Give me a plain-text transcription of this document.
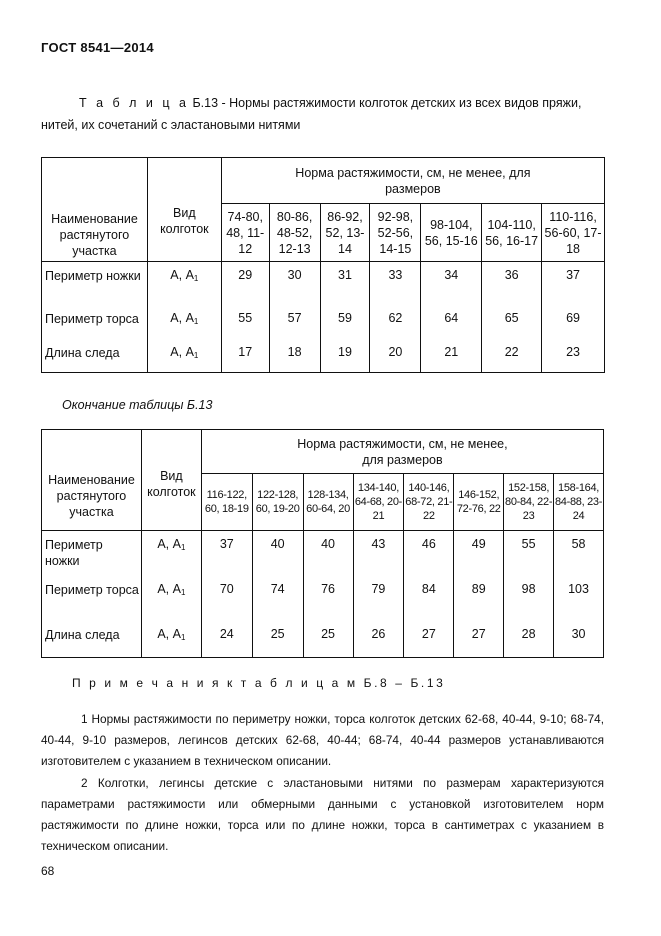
ГОСТ 8541—2014
Т а б л и ц а Б.13 - Нормы растяжимости колготок детских из всех видов пряжи, нитей, их сочетаний с эластановыми нитями
Наименование растянутого участка	Вид колготок	Норма растяжимости, см, не менее, для размеров						
		74-80, 48, 11-12	80-86, 48-52, 12-13	86-92, 52, 13-14	92-98, 52-56, 14-15	98-104, 56, 15-16	104-110, 56, 16-17	110-116, 56-60, 17-18
Периметр ножки	А, $А_1$	29	30	31	33	34	36	37
Периметр торса	А, $А_1$	55	57	59	62	64	65	69
Длина следа	А, $А_1$	17	18	19	20	21	22	23
Окончание таблицы Б.13
Наименование растянутого участка	Вид колготок	Норма растяжимости, см, не менее, для размеров							
		116-122, 60, 18-19	122-128, 60, 19-20	128-134, 60-64, 20	134-140, 64-68, 20-21	140-146, 68-72, 21-22	146-152, 72-76, 22	152-158, 80-84, 22-23	158-164, 84-88, 23-24
Периметр ножки	А, $А_1$	37	40	40	43	46	49	55	58
Периметр торса	А, $А_1$	70	74	76	79	84	89	98	103
Длина следа	А, $А_1$	24	25	25	26	27	27	28	30
П р и м е ч а н и я к т а б л и ц а м Б.8 – Б.13
1 Нормы растяжимости по периметру ножки, торса колготок детских 62-68, 40-44, 9-10; 68-74, 40-44, 9-10 размеров, легинсов детских 62-68, 40-44; 68-74, 40-44 размеров устанавливаются изготовителем с указанием в техническом описании.
2 Колготки, легинсы детские с эластановыми нитями по размерам характеризуются параметрами растяжимости или обмерными данными с установкой изготовителем норм растяжимости по длине ножки, торса или по длине ножки, торса в сантиметрах с указанием в техническом описании.
68
